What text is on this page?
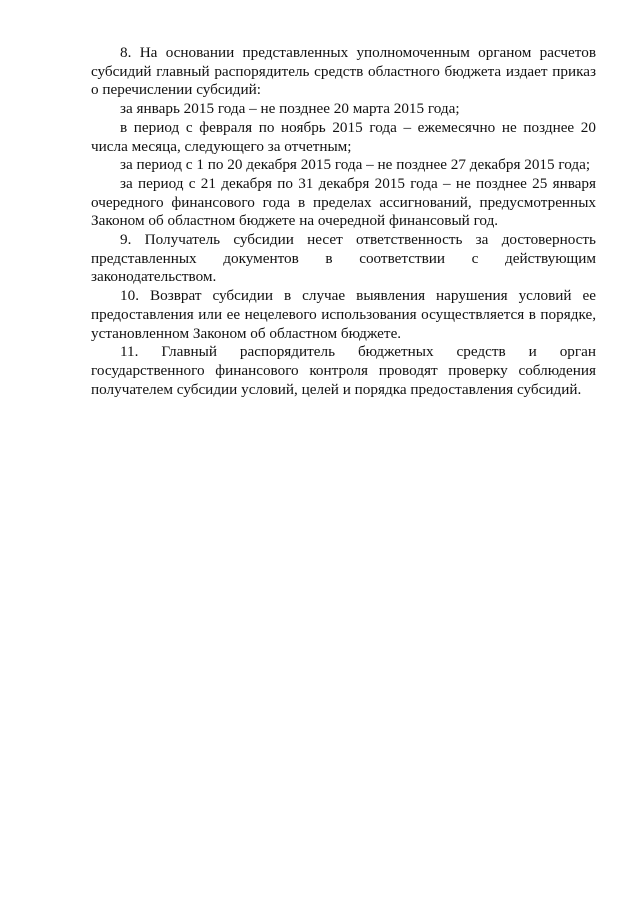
8. На основании представленных уполномоченным органом расчетов субсидий главный распорядитель средств областного бюджета издает приказ о перечислении субсидий:

за январь 2015 года – не позднее 20 марта 2015 года;

в период с февраля по ноябрь 2015 года – ежемесячно не позднее 20 числа месяца, следующего за отчетным;

за период с 1 по 20 декабря 2015 года – не позднее 27 декабря 2015 года;

за период с 21 декабря по 31 декабря 2015 года – не позднее 25 января очередного финансового года в пределах ассигнований, предусмотренных Законом об областном бюджете на очередной финансовый год.

9. Получатель субсидии несет ответственность за достоверность представленных документов в соответствии с действующим законодательством.

10. Возврат субсидии в случае выявления нарушения условий ее предоставления или ее нецелевого использования осуществляется в порядке, установленном Законом об областном бюджете.

11. Главный распорядитель бюджетных средств и орган государственного финансового контроля проводят проверку соблюдения получателем субсидии условий, целей и порядка предоставления субсидий.
